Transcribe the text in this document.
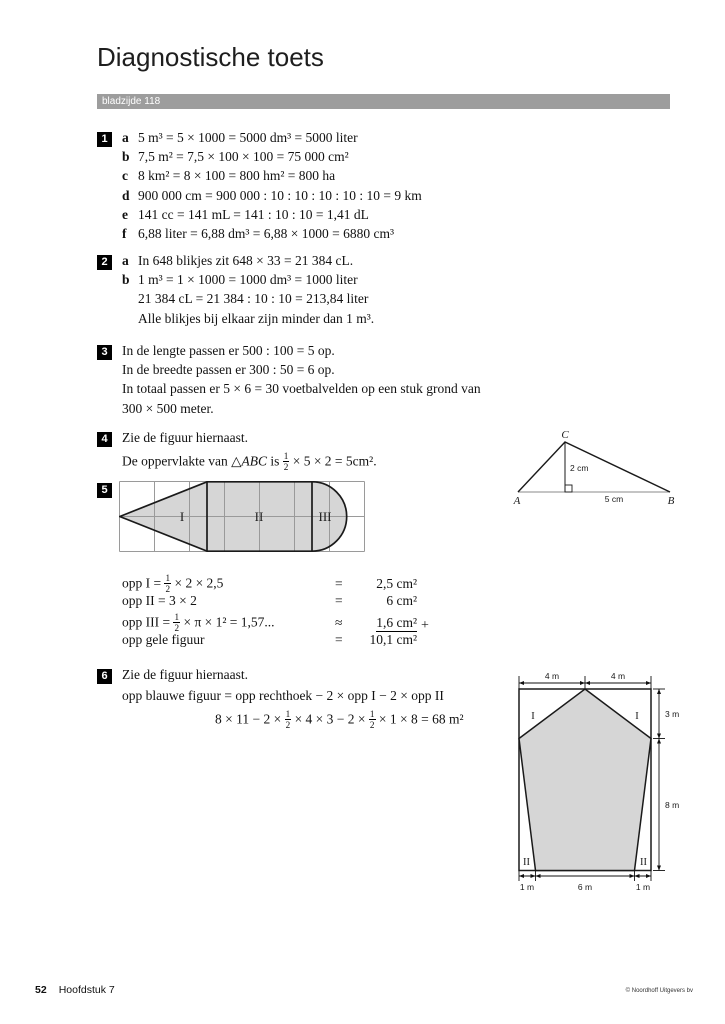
Diagnostische toets
bladzijde 118
1	a 5 m³ = 5 × 1000 = 5000 dm³ = 5000 liter
b 7,5 m² = 7,5 × 100 × 100 = 75 000 cm²
c 8 km² = 8 × 100 = 800 hm² = 800 ha
d 900 000 cm = 900 000 : 10 : 10 : 10 : 10 : 10 = 9 km
e 141 cc = 141 mL = 141 : 10 : 10 = 1,41 dL
f 6,88 liter = 6,88 dm³ = 6,88 × 1000 = 6880 cm³
2	a In 648 blikjes zit 648 × 33 = 21 384 cL.
b 1 m³ = 1 × 1000 = 1000 dm³ = 1000 liter
21 384 cL = 21 384 : 10 : 10 = 213,84 liter
Alle blikjes bij elkaar zijn minder dan 1 m³.
3	In de lengte passen er 500 : 100 = 5 op.
In de breedte passen er 300 : 50 = 6 op.
In totaal passen er 5 × 6 = 30 voetbalvelden op een stuk grond van
300 × 500 meter.
4	Zie de figuur hiernaast.
De oppervlakte van △ABC is $\frac{1}{2} \times 5 \times 2 = 5cm^2$.
A	B
C
2 cm
5 cm
5
I	II	III
opp $I = \frac{1}{2} \times 2 \times 2,5$	=	2,5 cm²
opp II = 3 × 2	=	6 cm²
opp III = $\frac{1}{2} \times \pi \times 1^2 = 1,57$...	≈	1,6 cm²
opp gele figuur	=	10,1 cm²
+
6	Zie de figuur hiernaast.
opp blauwe figuur = opp rechthoek − 2 × opp I − 2 × opp II
$8 \times 11 - 2 \times \frac{1}{2} \times 4 \times 3 - 2 \times \frac{1}{2} \times 1 \times 8 = 68$ m²
4 m	4 m
3 m
8 m
1 m	6 m	1 m
I	I
II	II
52 Hoofdstuk 7	© Noordhoff Uitgevers bv
